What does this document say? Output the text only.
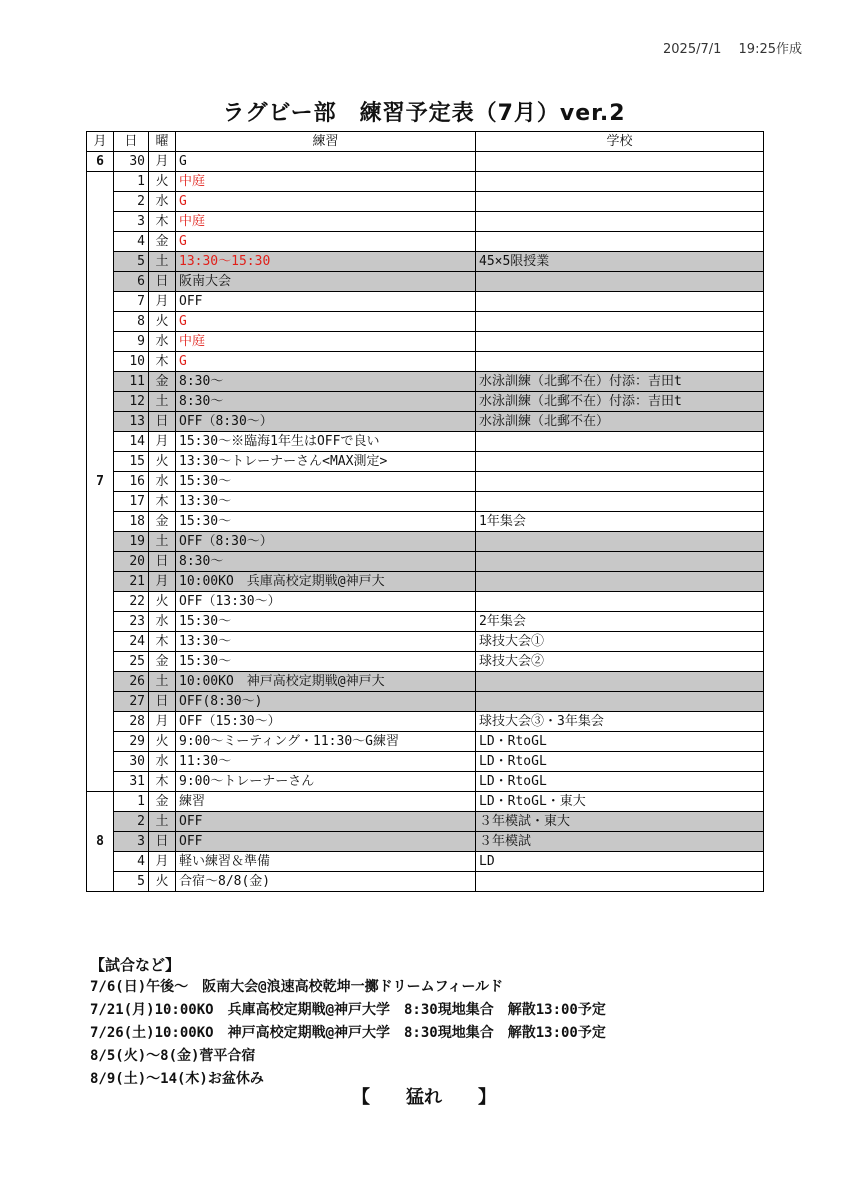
2025/7/1　 19:25作成
ラグビー部　練習予定表（7月）ver.2
月	日	曜	練習	学校
6	30	月	G	
7	1	火	中庭	
	2	水	G	
	3	木	中庭	
	4	金	G	
	5	土	13:30～15:30	45×5限授業
	6	日	阪南大会	
	7	月	OFF	
	8	火	G	
	9	水	中庭	
	10	木	G	
	11	金	8:30～	水泳訓練（北郵不在）付添：吉田t
	12	土	8:30～	水泳訓練（北郵不在）付添：吉田t
	13	日	OFF（8:30～）	水泳訓練（北郵不在）
	14	月	15:30～※臨海1年生はOFFで良い	
	15	火	13:30～トレーナーさん<MAX測定>	
	16	水	15:30～	
	17	木	13:30～	
	18	金	15:30～	1年集会
	19	土	OFF（8:30～）	
	20	日	8:30～	
	21	月	10:00KO　兵庫高校定期戦@神戸大	
	22	火	OFF（13:30～）	
	23	水	15:30～	2年集会
	24	木	13:30～	球技大会①
	25	金	15:30～	球技大会②
	26	土	10:00KO　神戸高校定期戦@神戸大	
	27	日	OFF(8:30～)	
	28	月	OFF（15:30～）	球技大会③・3年集会
	29	火	9:00～ミーティング・11:30～G練習	LD・RtoGL
	30	水	11:30～	LD・RtoGL
	31	木	9:00～トレーナーさん	LD・RtoGL
8	1	金	練習	LD・RtoGL・東大
	2	土	OFF	３年模試・東大
	3	日	OFF	３年模試
	4	月	軽い練習＆準備	LD
	5	火	合宿～8/8(金)	
【試合など】
7/6(日)午後～　阪南大会@浪速高校乾坤一擲ドリームフィールド
7/21(月)10:00KO　兵庫高校定期戦@神戸大学　8:30現地集合　解散13:00予定
7/26(土)10:00KO　神戸高校定期戦@神戸大学　8:30現地集合　解散13:00予定
8/5(火)～8(金)菅平合宿
8/9(土)～14(木)お盆休み
【　　猛れ　　】
